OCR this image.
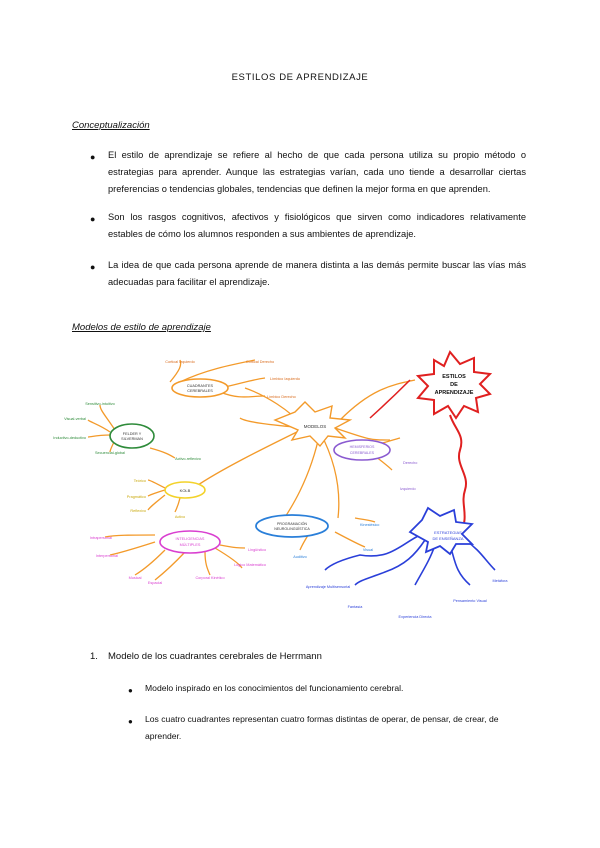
ESTILOS DE APRENDIZAJE
Conceptualización
●	El estilo de aprendizaje se refiere al hecho de que cada persona utiliza su propio método o estrategias para aprender. Aunque las estrategias varían, cada uno tiende a desarrollar ciertas preferencias o tendencias globales, tendencias que definen la mejor forma en que aprenden.
●	Son los rasgos cognitivos, afectivos y fisiológicos que sirven como indicadores relativamente estables de cómo los alumnos responden a sus ambientes de aprendizaje.
●	La idea de que cada persona aprende de manera distinta a las demás permite buscar las vías más adecuadas para facilitar el aprendizaje.
Modelos de estilo de aprendizaje
ESTILOS
DE
APRENDIZAJE
MODELOS
ESTRATEGIAS
DE ENSEÑANZA
CUADRANTES
CEREBRALES
FELDER Y
SILVERMAN
KOLB
PROGRAMACIÓN
NEUROLINGÜÍSTICA
INTELIGENCIAS
MÚLTIPLES
HEMISFERIOS
CEREBRALES
Cortical Izquierdo	Cortical Derecho
Límbico Izquierdo
Límbico Derecho
Sensitivo-intuitivo
Visual-verbal
Inductivo-deductivo
Secuencial-global
Activo-reflexivo
Teórico
Pragmático
Reflexivo
Activo
Kinestésico
Visual
Auditivo
Derecho
Izquierdo
Intrapersonal
Interpersonal
Musical
Espacial
Corporal Kinético
Lógico Matemático
Lingüístico
Aprendizaje Multisensorial
Fantasía
Experiencia Directa
Pensamiento Visual
Metáfora
1. Modelo de los cuadrantes cerebrales de Herrmann
● Modelo inspirado en los conocimientos del funcionamiento cerebral.
● Los cuatro cuadrantes representan cuatro formas distintas de operar, de pensar, de crear, de aprender.
